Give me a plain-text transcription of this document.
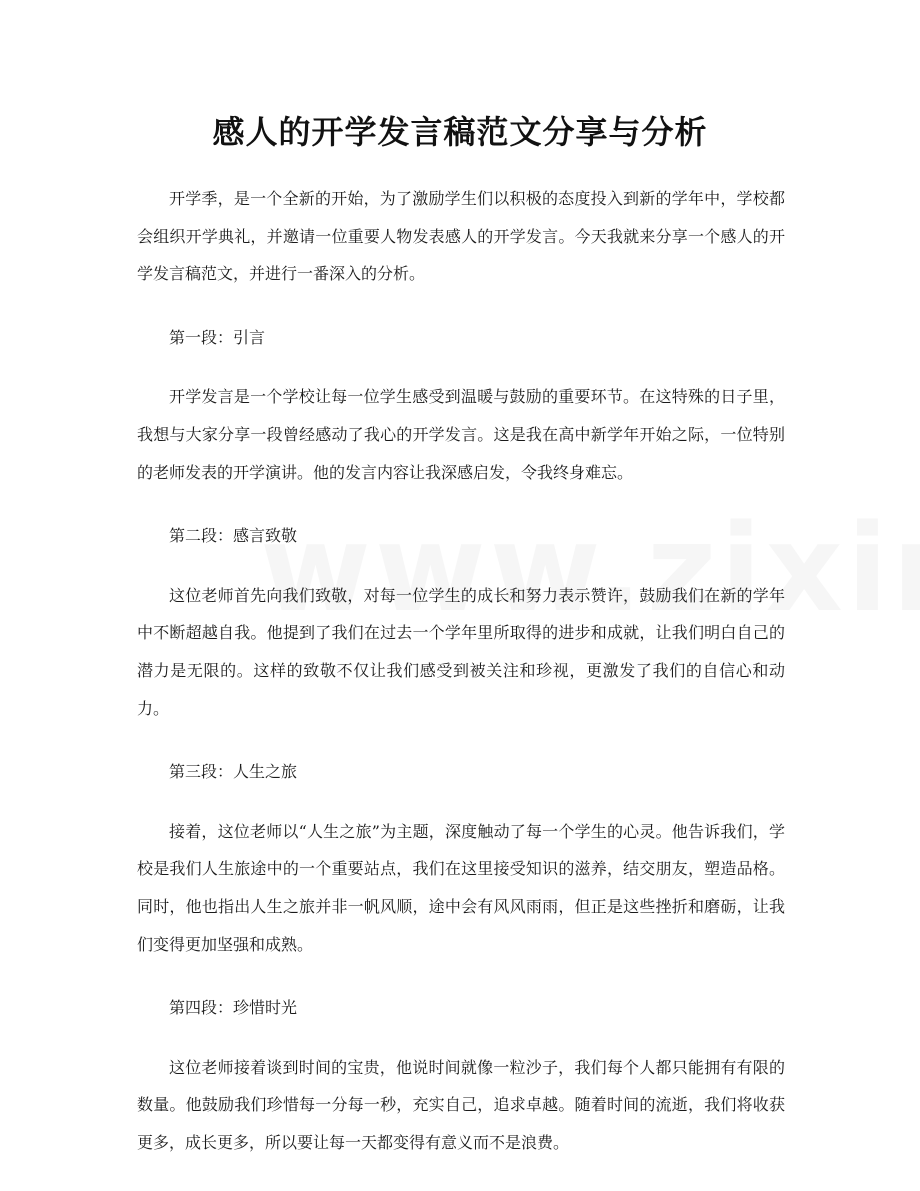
感人的开学发言稿范文分享与分析

开学季，是一个全新的开始，为了激励学生们以积极的态度投入到新的学年中，学校都会组织开学典礼，并邀请一位重要人物发表感人的开学发言。今天我就来分享一个感人的开学发言稿范文，并进行一番深入的分析。

第一段：引言

开学发言是一个学校让每一位学生感受到温暖与鼓励的重要环节。在这特殊的日子里，我想与大家分享一段曾经感动了我心的开学发言。这是我在高中新学年开始之际，一位特别的老师发表的开学演讲。他的发言内容让我深感启发，令我终身难忘。

第二段：感言致敬

这位老师首先向我们致敬，对每一位学生的成长和努力表示赞许，鼓励我们在新的学年中不断超越自我。他提到了我们在过去一个学年里所取得的进步和成就，让我们明白自己的潜力是无限的。这样的致敬不仅让我们感受到被关注和珍视，更激发了我们的自信心和动力。

第三段：人生之旅

接着，这位老师以“人生之旅”为主题，深度触动了每一个学生的心灵。他告诉我们，学校是我们人生旅途中的一个重要站点，我们在这里接受知识的滋养，结交朋友，塑造品格。同时，他也指出人生之旅并非一帆风顺，途中会有风风雨雨，但正是这些挫折和磨砺，让我们变得更加坚强和成熟。

第四段：珍惜时光

这位老师接着谈到时间的宝贵，他说时间就像一粒沙子，我们每个人都只能拥有有限的数量。他鼓励我们珍惜每一分每一秒，充实自己，追求卓越。随着时间的流逝，我们将收获更多，成长更多，所以要让每一天都变得有意义而不是浪费。
